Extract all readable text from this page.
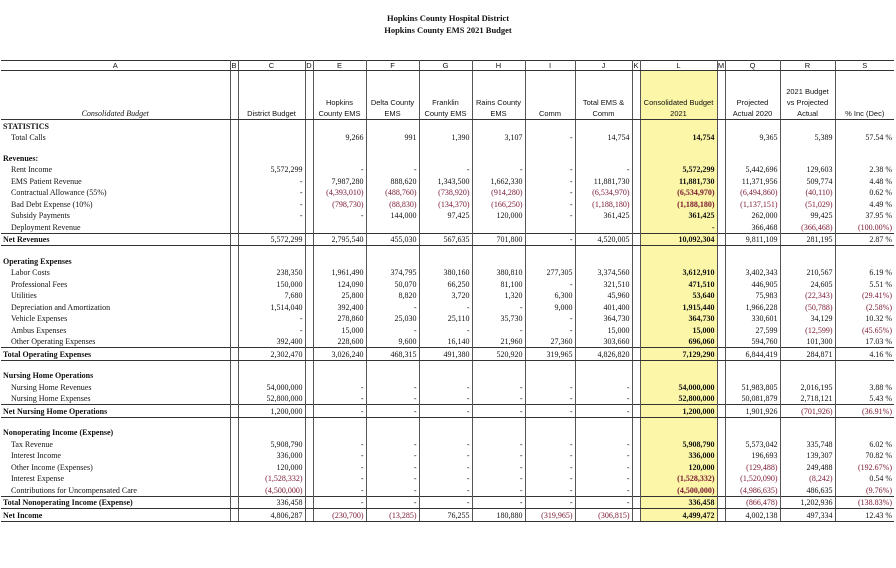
Hopkins County Hospital District
Hopkins County EMS 2021 Budget
A	B	C	D	E	F	G	H	I	J	K	L	M	Q	R	S
Consolidated Budget		District Budget		Hopkins County EMS	Delta County EMS	Franklin County EMS	Rains County EMS	Comm	Total EMS & Comm		Consolidated Budget 2021		Projected Actual 2020	2021 Budget vs Projected Actual	% Inc (Dec)
STATISTICS															
Total Calls				9,266	991	1,390	3,107	-	14,754		14,754		9,365	5,389	57.54 %

Revenues:															
Rent Income		5,572,299		-	-	-	-	-	-		5,572,299		5,442,696	129,603	2.38 %
EMS Patient Revenue		-		7,987,280	888,620	1,343,500	1,662,330	-	11,881,730		11,881,730		11,371,956	509,774	4.48 %
Contractual Allowance (55%)		-		(4,393,010)	(488,760)	(738,920)	(914,280)	-	(6,534,970)		(6,534,970)		(6,494,860)	(40,110)	0.62 %
Bad Debt Expense (10%)		-		(798,730)	(88,830)	(134,370)	(166,250)	-	(1,188,180)		(1,188,180)		(1,137,151)	(51,029)	4.49 %
Subsidy Payments		-		-	144,000	97,425	120,000	-	361,425		361,425		262,000	99,425	37.95 %
Deployment Revenue											-		366,468	(366,468)	(100.00%)
Net Revenues		5,572,299		2,795,540	455,030	567,635	701,800	-	4,520,005		10,092,304		9,811,109	281,195	2.87 %

Operating Expenses															
Labor Costs		238,350		1,961,490	374,795	380,160	380,810	277,305	3,374,560		3,612,910		3,402,343	210,567	6.19 %
Professional Fees		150,000		124,090	50,070	66,250	81,100	-	321,510		471,510		446,905	24,605	5.51 %
Utilities		7,680		25,800	8,820	3,720	1,320	6,300	45,960		53,640		75,983	(22,343)	(29.41%)
Depreciation and Amortization		1,514,040		392,400	-	-	-	9,000	401,400		1,915,440		1,966,228	(50,788)	(2.58%)
Vehicle Expenses		-		278,860	25,030	25,110	35,730	-	364,730		364,730		330,601	34,129	10.32 %
Ambus Expenses		-		15,000	-	-	-	-	15,000		15,000		27,599	(12,599)	(45.65%)
Other Operating Expenses		392,400		228,600	9,600	16,140	21,960	27,360	303,660		696,060		594,760	101,300	17.03 %
Total Operating Expenses		2,302,470		3,026,240	468,315	491,380	520,920	319,965	4,826,820		7,129,290		6,844,419	284,871	4.16 %

Nursing Home Operations															
Nursing Home Revenues		54,000,000		-	-	-	-	-	-		54,000,000		51,983,805	2,016,195	3.88 %
Nursing Home Expenses		52,800,000		-	-	-	-	-	-		52,800,000		50,081,879	2,718,121	5.43 %
Net Nursing Home Operations		1,200,000		-	-	-	-	-	-		1,200,000		1,901,926	(701,926)	(36.91%)

Nonoperating Income (Expense)															
Tax Revenue		5,908,790		-	-	-	-	-	-		5,908,790		5,573,042	335,748	6.02 %
Interest Income		336,000		-	-	-	-	-	-		336,000		196,693	139,307	70.82 %
Other Income (Expenses)		120,000		-	-	-	-	-	-		120,000		(129,488)	249,488	(192.67%)
Interest Expense		(1,528,332)		-	-	-	-	-	-		(1,528,332)		(1,520,090)	(8,242)	0.54 %
Contributions for Uncompensated Care		(4,500,000)		-	-	-	-	-	-		(4,500,000)		(4,986,635)	486,635	(9.76%)
Total Nonoperating Income (Expense)		336,458		-	-	-	-	-	-		336,458		(866,478)	1,202,936	(138.83%)
Net Income		4,806,287		(230,700)	(13,285)	76,255	180,880	(319,965)	(306,815)		4,499,472		4,002,138	497,334	12.43 %
